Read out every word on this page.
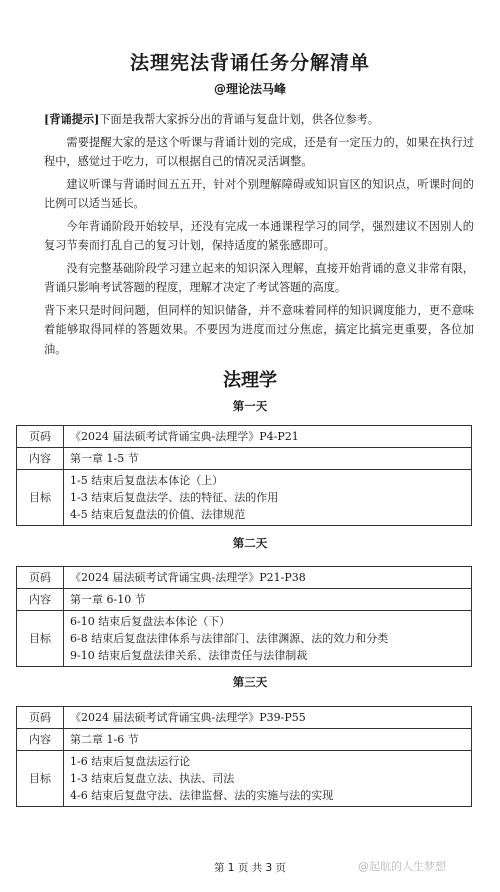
法理宪法背诵任务分解清单
@理论法马峰

[背诵提示]下面是我帮大家拆分出的背诵与复盘计划，供各位参考。

需要提醒大家的是这个听课与背诵计划的完成，还是有一定压力的，如果在执行过程中，感觉过于吃力，可以根据自己的情况灵活调整。

建议听课与背诵时间五五开，针对个别理解障碍或知识盲区的知识点，听课时间的比例可以适当延长。

今年背诵阶段开始较早，还没有完成一本通课程学习的同学，强烈建议不因别人的复习节奏而打乱自己的复习计划，保持适度的紧张感即可。

没有完整基础阶段学习建立起来的知识深入理解，直接开始背诵的意义非常有限，背诵只影响考试答题的程度，理解才决定了考试答题的高度。

背下来只是时间问题，但同样的知识储备，并不意味着同样的知识调度能力，更不意味着能够取得同样的答题效果。不要因为进度而过分焦虑，搞定比搞完更重要，各位加油。

法理学
第一天
页码	《2024 届法硕考试背诵宝典-法理学》P4-P21
内容	第一章 1-5 节
目标	1-5 结束后复盘法本体论（上）
1-3 结束后复盘法学、法的特征、法的作用
4-5 结束后复盘法的价值、法律规范
第二天
页码	《2024 届法硕考试背诵宝典-法理学》P21-P38
内容	第一章 6-10 节
目标	6-10 结束后复盘法本体论（下）
6-8 结束后复盘法律体系与法律部门、法律渊源、法的效力和分类
9-10 结束后复盘法律关系、法律责任与法律制裁
第三天
页码	《2024 届法硕考试背诵宝典-法理学》P39-P55
内容	第二章 1-6 节
目标	1-6 结束后复盘法运行论
1-3 结束后复盘立法、执法、司法
4-6 结束后复盘守法、法律监督、法的实施与法的实现
第 1 页 共 3 页	@起航的人生梦想
